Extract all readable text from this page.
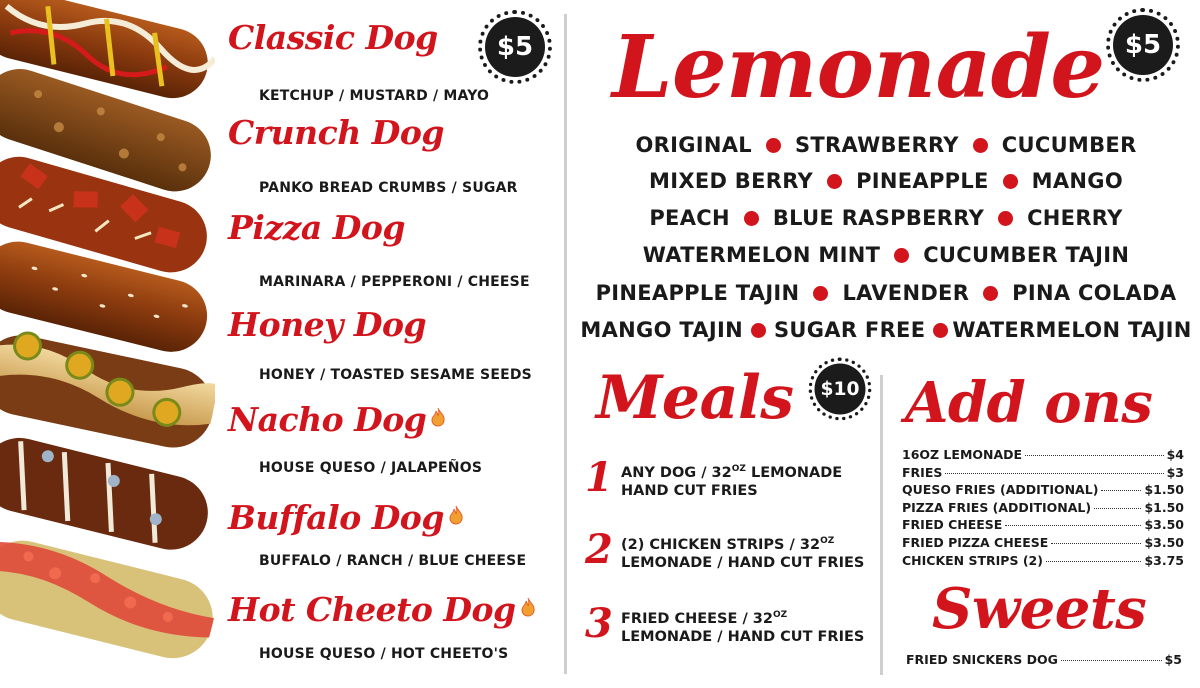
Classic Dog
KETCHUP / MUSTARD / MAYO
Crunch Dog
PANKO BREAD CRUMBS / SUGAR
Pizza Dog
MARINARA / PEPPERONI / CHEESE
Honey Dog
HONEY / TOASTED SESAME SEEDS
Nacho Dog
HOUSE QUESO / JALAPEÑOS
Buffalo Dog
BUFFALO / RANCH / BLUE CHEESE
Hot Cheeto Dog
HOUSE QUESO / HOT CHEETO'S
$5 Lemonade $5
ORIGINAL STRAWBERRY CUCUMBER
MIXED BERRY PINEAPPLE MANGO
PEACH BLUE RASPBERRY CHERRY
WATERMELON MINT CUCUMBER TAJIN
PINEAPPLE TAJIN LAVENDER PINA COLADA
MANGO TAJIN SUGAR FREE WATERMELON TAJIN
Meals $10
1 ANY DOG / $32^{OZ}$ LEMONADE
HAND CUT FRIES
2 (2) CHICKEN STRIPS / $32^{OZ}$
LEMONADE / HAND CUT FRIES
3 FRIED CHEESE / $32^{OZ}$
LEMONADE / HAND CUT FRIES
Add ons
16OZ LEMONADE	$4
FRIES	$3
QUESO FRIES (ADDITIONAL)	$1.50
PIZZA FRIES (ADDITIONAL)	$1.50
FRIED CHEESE	$3.50
FRIED PIZZA CHEESE	$3.50
CHICKEN STRIPS (2)	$3.75
Sweets
FRIED SNICKERS DOG	$5
